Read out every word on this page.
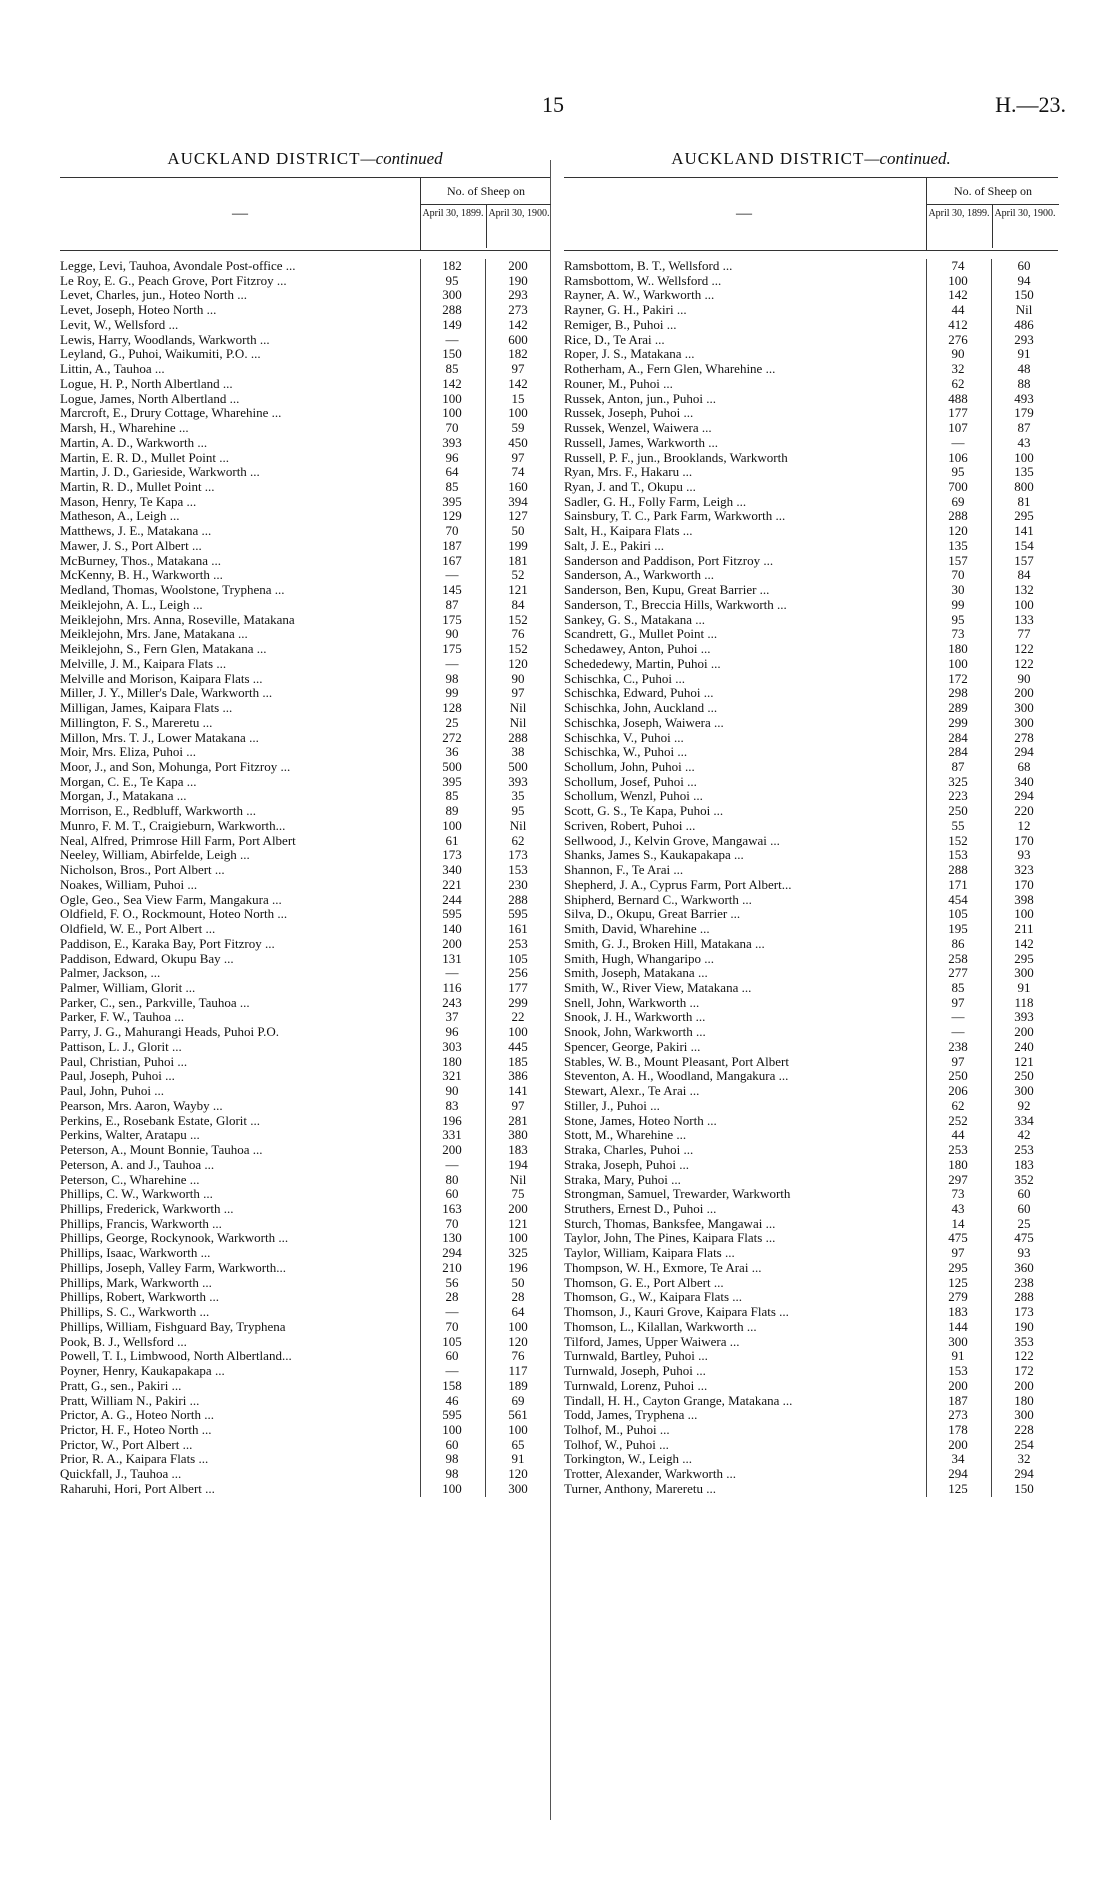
15	H.—23.
AUCKLAND DISTRICT—continued
—
No. of Sheep on
April 30, 1899. April 30, 1900.
Legge, Levi, Tauhoa, Avondale Post-office ...	182	200
Le Roy, E. G., Peach Grove, Port Fitzroy ...	95	190
Levet, Charles, jun., Hoteo North ...	300	293
Levet, Joseph, Hoteo North ...	288	273
Levit, W., Wellsford ...	149	142
Lewis, Harry, Woodlands, Warkworth ...	—	600
Leyland, G., Puhoi, Waikumiti, P.O. ...	150	182
Littin, A., Tauhoa ...	85	97
Logue, H. P., North Albertland ...	142	142
Logue, James, North Albertland ...	100	15
Marcroft, E., Drury Cottage, Wharehine ...	100	100
Marsh, H., Wharehine ...	70	59
Martin, A. D., Warkworth ...	393	450
Martin, E. R. D., Mullet Point ...	96	97
Martin, J. D., Garieside, Warkworth ...	64	74
Martin, R. D., Mullet Point ...	85	160
Mason, Henry, Te Kapa ...	395	394
Matheson, A., Leigh ...	129	127
Matthews, J. E., Matakana ...	70	50
Mawer, J. S., Port Albert ...	187	199
McBurney, Thos., Matakana ...	167	181
McKenny, B. H., Warkworth ...	—	52
Medland, Thomas, Woolstone, Tryphena ...	145	121
Meiklejohn, A. L., Leigh ...	87	84
Meiklejohn, Mrs. Anna, Roseville, Matakana	175	152
Meiklejohn, Mrs. Jane, Matakana ...	90	76
Meiklejohn, S., Fern Glen, Matakana ...	175	152
Melville, J. M., Kaipara Flats ...	—	120
Melville and Morison, Kaipara Flats ...	98	90
Miller, J. Y., Miller's Dale, Warkworth ...	99	97
Milligan, James, Kaipara Flats ...	128	Nil
Millington, F. S., Mareretu ...	25	Nil
Millon, Mrs. T. J., Lower Matakana ...	272	288
Moir, Mrs. Eliza, Puhoi ...	36	38
Moor, J., and Son, Mohunga, Port Fitzroy ...	500	500
Morgan, C. E., Te Kapa ...	395	393
Morgan, J., Matakana ...	85	35
Morrison, E., Redbluff, Warkworth ...	89	95
Munro, F. M. T., Craigieburn, Warkworth...	100	Nil
Neal, Alfred, Primrose Hill Farm, Port Albert	61	62
Neeley, William, Abirfelde, Leigh ...	173	173
Nicholson, Bros., Port Albert ...	340	153
Noakes, William, Puhoi ...	221	230
Ogle, Geo., Sea View Farm, Mangakura ...	244	288
Oldfield, F. O., Rockmount, Hoteo North ...	595	595
Oldfield, W. E., Port Albert ...	140	161
Paddison, E., Karaka Bay, Port Fitzroy ...	200	253
Paddison, Edward, Okupu Bay ...	131	105
Palmer, Jackson, ...	—	256
Palmer, William, Glorit ...	116	177
Parker, C., sen., Parkville, Tauhoa ...	243	299
Parker, F. W., Tauhoa ...	37	22
Parry, J. G., Mahurangi Heads, Puhoi P.O.	96	100
Pattison, L. J., Glorit ...	303	445
Paul, Christian, Puhoi ...	180	185
Paul, Joseph, Puhoi ...	321	386
Paul, John, Puhoi ...	90	141
Pearson, Mrs. Aaron, Wayby ...	83	97
Perkins, E., Rosebank Estate, Glorit ...	196	281
Perkins, Walter, Aratapu ...	331	380
Peterson, A., Mount Bonnie, Tauhoa ...	200	183
Peterson, A. and J., Tauhoa ...	—	194
Peterson, C., Wharehine ...	80	Nil
Phillips, C. W., Warkworth ...	60	75
Phillips, Frederick, Warkworth ...	163	200
Phillips, Francis, Warkworth ...	70	121
Phillips, George, Rockynook, Warkworth ...	130	100
Phillips, Isaac, Warkworth ...	294	325
Phillips, Joseph, Valley Farm, Warkworth...	210	196
Phillips, Mark, Warkworth ...	56	50
Phillips, Robert, Warkworth ...	28	28
Phillips, S. C., Warkworth ...	—	64
Phillips, William, Fishguard Bay, Tryphena	70	100
Pook, B. J., Wellsford ...	105	120
Powell, T. I., Limbwood, North Albertland...	60	76
Poyner, Henry, Kaukapakapa ...	—	117
Pratt, G., sen., Pakiri ...	158	189
Pratt, William N., Pakiri ...	46	69
Prictor, A. G., Hoteo North ...	595	561
Prictor, H. F., Hoteo North ...	100	100
Prictor, W., Port Albert ...	60	65
Prior, R. A., Kaipara Flats ...	98	91
Quickfall, J., Tauhoa ...	98	120
Raharuhi, Hori, Port Albert ...	100	300
AUCKLAND DISTRICT—continued.
—
No. of Sheep on
April 30, 1899. April 30, 1900.
Ramsbottom, B. T., Wellsford ...	74	60
Ramsbottom, W.. Wellsford ...	100	94
Rayner, A. W., Warkworth ...	142	150
Rayner, G. H., Pakiri ...	44	Nil
Remiger, B., Puhoi ...	412	486
Rice, D., Te Arai ...	276	293
Roper, J. S., Matakana ...	90	91
Rotherham, A., Fern Glen, Wharehine ...	32	48
Rouner, M., Puhoi ...	62	88
Russek, Anton, jun., Puhoi ...	488	493
Russek, Joseph, Puhoi ...	177	179
Russek, Wenzel, Waiwera ...	107	87
Russell, James, Warkworth ...	—	43
Russell, P. F., jun., Brooklands, Warkworth	106	100
Ryan, Mrs. F., Hakaru ...	95	135
Ryan, J. and T., Okupu ...	700	800
Sadler, G. H., Folly Farm, Leigh ...	69	81
Sainsbury, T. C., Park Farm, Warkworth ...	288	295
Salt, H., Kaipara Flats ...	120	141
Salt, J. E., Pakiri ...	135	154
Sanderson and Paddison, Port Fitzroy ...	157	157
Sanderson, A., Warkworth ...	70	84
Sanderson, Ben, Kupu, Great Barrier ...	30	132
Sanderson, T., Breccia Hills, Warkworth ...	99	100
Sankey, G. S., Matakana ...	95	133
Scandrett, G., Mullet Point ...	73	77
Schedawey, Anton, Puhoi ...	180	122
Schededewy, Martin, Puhoi ...	100	122
Schischka, C., Puhoi ...	172	90
Schischka, Edward, Puhoi ...	298	200
Schischka, John, Auckland ...	289	300
Schischka, Joseph, Waiwera ...	299	300
Schischka, V., Puhoi ...	284	278
Schischka, W., Puhoi ...	284	294
Schollum, John, Puhoi ...	87	68
Schollum, Josef, Puhoi ...	325	340
Schollum, Wenzl, Puhoi ...	223	294
Scott, G. S., Te Kapa, Puhoi ...	250	220
Scriven, Robert, Puhoi ...	55	12
Sellwood, J., Kelvin Grove, Mangawai ...	152	170
Shanks, James S., Kaukapakapa ...	153	93
Shannon, F., Te Arai ...	288	323
Shepherd, J. A., Cyprus Farm, Port Albert...	171	170
Shipherd, Bernard C., Warkworth ...	454	398
Silva, D., Okupu, Great Barrier ...	105	100
Smith, David, Wharehine ...	195	211
Smith, G. J., Broken Hill, Matakana ...	86	142
Smith, Hugh, Whangaripo ...	258	295
Smith, Joseph, Matakana ...	277	300
Smith, W., River View, Matakana ...	85	91
Snell, John, Warkworth ...	97	118
Snook, J. H., Warkworth ...	—	393
Snook, John, Warkworth ...	—	200
Spencer, George, Pakiri ...	238	240
Stables, W. B., Mount Pleasant, Port Albert	97	121
Steventon, A. H., Woodland, Mangakura ...	250	250
Stewart, Alexr., Te Arai ...	206	300
Stiller, J., Puhoi ...	62	92
Stone, James, Hoteo North ...	252	334
Stott, M., Wharehine ...	44	42
Straka, Charles, Puhoi ...	253	253
Straka, Joseph, Puhoi ...	180	183
Straka, Mary, Puhoi ...	297	352
Strongman, Samuel, Trewarder, Warkworth	73	60
Struthers, Ernest D., Puhoi ...	43	60
Sturch, Thomas, Banksfee, Mangawai ...	14	25
Taylor, John, The Pines, Kaipara Flats ...	475	475
Taylor, William, Kaipara Flats ...	97	93
Thompson, W. H., Exmore, Te Arai ...	295	360
Thomson, G. E., Port Albert ...	125	238
Thomson, G., W., Kaipara Flats ...	279	288
Thomson, J., Kauri Grove, Kaipara Flats ...	183	173
Thomson, L., Kilallan, Warkworth ...	144	190
Tilford, James, Upper Waiwera ...	300	353
Turnwald, Bartley, Puhoi ...	91	122
Turnwald, Joseph, Puhoi ...	153	172
Turnwald, Lorenz, Puhoi ...	200	200
Tindall, H. H., Cayton Grange, Matakana ...	187	180
Todd, James, Tryphena ...	273	300
Tolhof, M., Puhoi ...	178	228
Tolhof, W., Puhoi ...	200	254
Torkington, W., Leigh ...	34	32
Trotter, Alexander, Warkworth ...	294	294
Turner, Anthony, Mareretu ...	125	150
